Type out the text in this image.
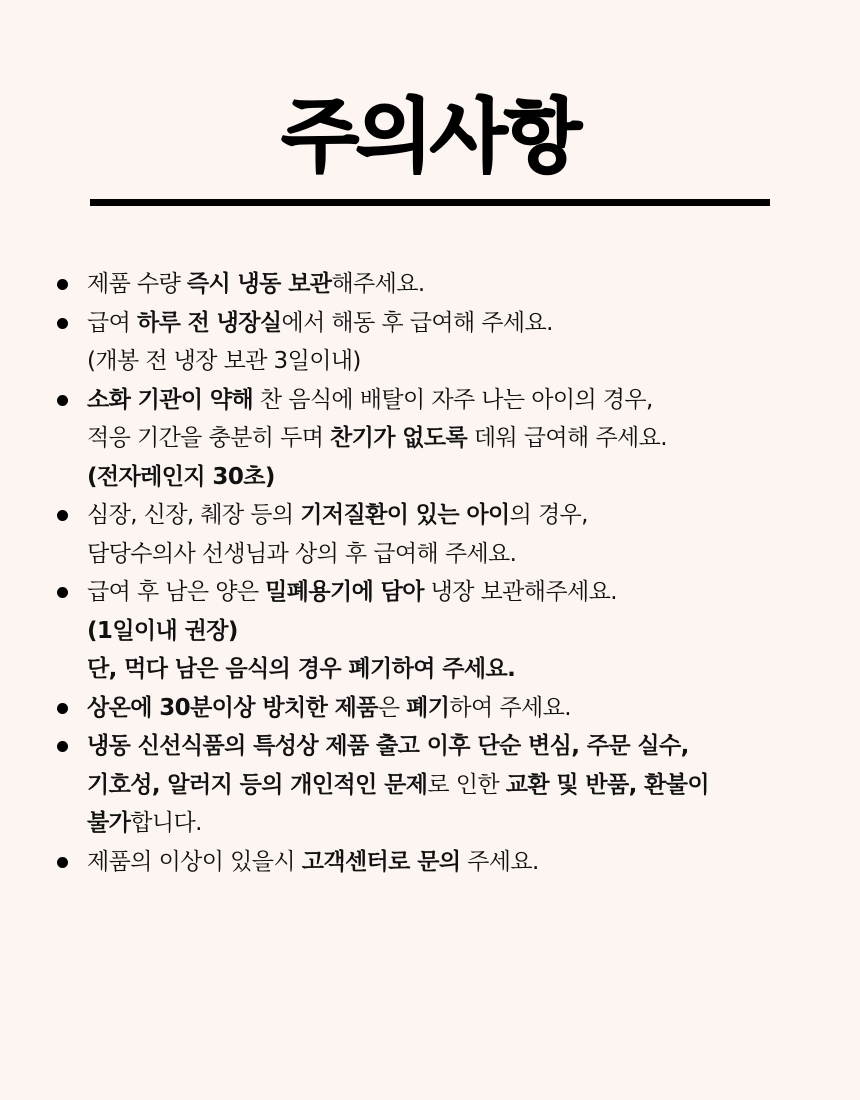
주의사항
제품 수량 즉시 냉동 보관해주세요.
급여 하루 전 냉장실에서 해동 후 급여해 주세요.
(개봉 전 냉장 보관 3일이내)
소화 기관이 약해 찬 음식에 배탈이 자주 나는 아이의 경우,
적응 기간을 충분히 두며 찬기가 없도록 데워 급여해 주세요.
(전자레인지 30초)
심장, 신장, 췌장 등의 기저질환이 있는 아이의 경우,
담당수의사 선생님과 상의 후 급여해 주세요.
급여 후 남은 양은 밀폐용기에 담아 냉장 보관해주세요.
(1일이내 권장)
단, 먹다 남은 음식의 경우 폐기하여 주세요.
상온에 30분이상 방치한 제품은 폐기하여 주세요.
냉동 신선식품의 특성상 제품 출고 이후 단순 변심, 주문 실수,
기호성, 알러지 등의 개인적인 문제로 인한 교환 및 반품, 환불이
불가합니다.
제품의 이상이 있을시 고객센터로 문의 주세요.
